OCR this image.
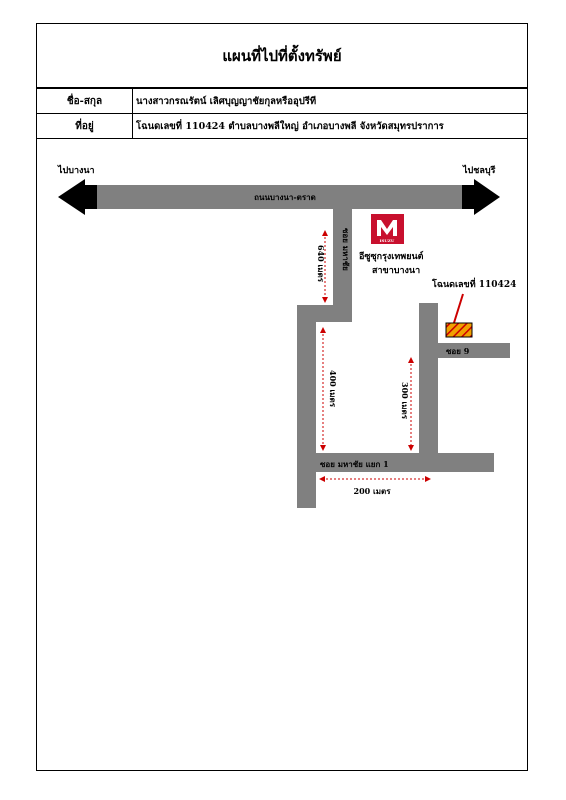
แผนที่ไปที่ตั้งทรัพย์
ชื่อ-สกุล	นางสาวกรณรัตน์ เลิศบุญญาชัยกุลหรืออุปรีที
ที่อยู่	โฉนดเลขที่ 110424 ตำบลบางพลีใหญ่ อำเภอบางพลี จังหวัดสมุทรปราการ
ไปบางนา	ไปชลบุรี
ถนนบางนา-ตราด
ซอย มหาชัย
ซอย มหาชัย แยก 1
ซอย 9
640 เมตร
400 เมตร	300 เมตร
200 เมตร
ISUZU
อีซูซุกรุงเทพยนต์
สาขาบางนา
โฉนดเลขที่ 110424
